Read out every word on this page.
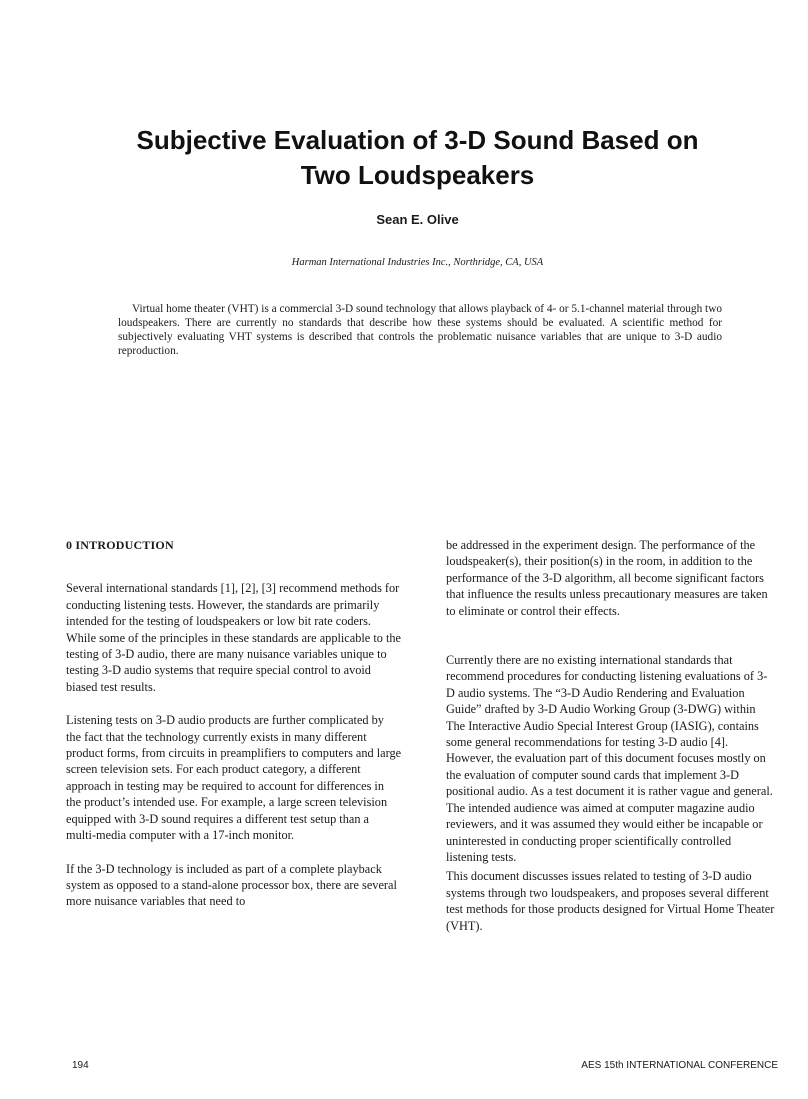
Subjective Evaluation of 3-D Sound Based on
Two Loudspeakers
Sean E. Olive
Harman International Industries Inc., Northridge, CA, USA

Virtual home theater (VHT) is a commercial 3-D sound technology that allows playback of 4- or 5.1-channel material through two loudspeakers. There are currently no standards that describe how these systems should be evaluated. A scientific method for subjectively evaluating VHT systems is described that controls the problematic nuisance variables that are unique to 3-D audio reproduction.

0 INTRODUCTION

Several international standards [1], [2], [3] recommend methods for conducting listening tests. However, the standards are primarily intended for the testing of loudspeakers or low bit rate coders. While some of the principles in these standards are applicable to the testing of 3-D audio, there are many nuisance variables unique to testing 3-D audio systems that require special control to avoid biased test results.

Listening tests on 3-D audio products are further complicated by the fact that the technology currently exists in many different product forms, from circuits in preamplifiers to computers and large screen television sets. For each product category, a different approach in testing may be required to account for differences in the product’s intended use. For example, a large screen television equipped with 3-D sound requires a different test setup than a multi-media computer with a 17-inch monitor.

If the 3-D technology is included as part of a complete playback system as opposed to a stand-alone processor box, there are several more nuisance variables that need to

be addressed in the experiment design. The performance of the loudspeaker(s), their position(s) in the room, in addition to the performance of the 3-D algorithm, all become significant factors that influence the results unless precautionary measures are taken to eliminate or control their effects.

Currently there are no existing international standards that recommend procedures for conducting listening evaluations of 3-D audio systems. The “3-D Audio Rendering and Evaluation Guide” drafted by 3-D Audio Working Group (3-DWG) within The Interactive Audio Special Interest Group (IASIG), contains some general recommendations for testing 3-D audio [4]. However, the evaluation part of this document focuses mostly on the evaluation of computer sound cards that implement 3-D positional audio. As a test document it is rather vague and general. The intended audience was aimed at computer magazine audio reviewers, and it was assumed they would either be incapable or uninterested in conducting proper scientifically controlled listening tests.

This document discusses issues related to testing of 3-D audio systems through two loudspeakers, and proposes several different test methods for those products designed for Virtual Home Theater (VHT).

194	AES 15th INTERNATIONAL CONFERENCE
